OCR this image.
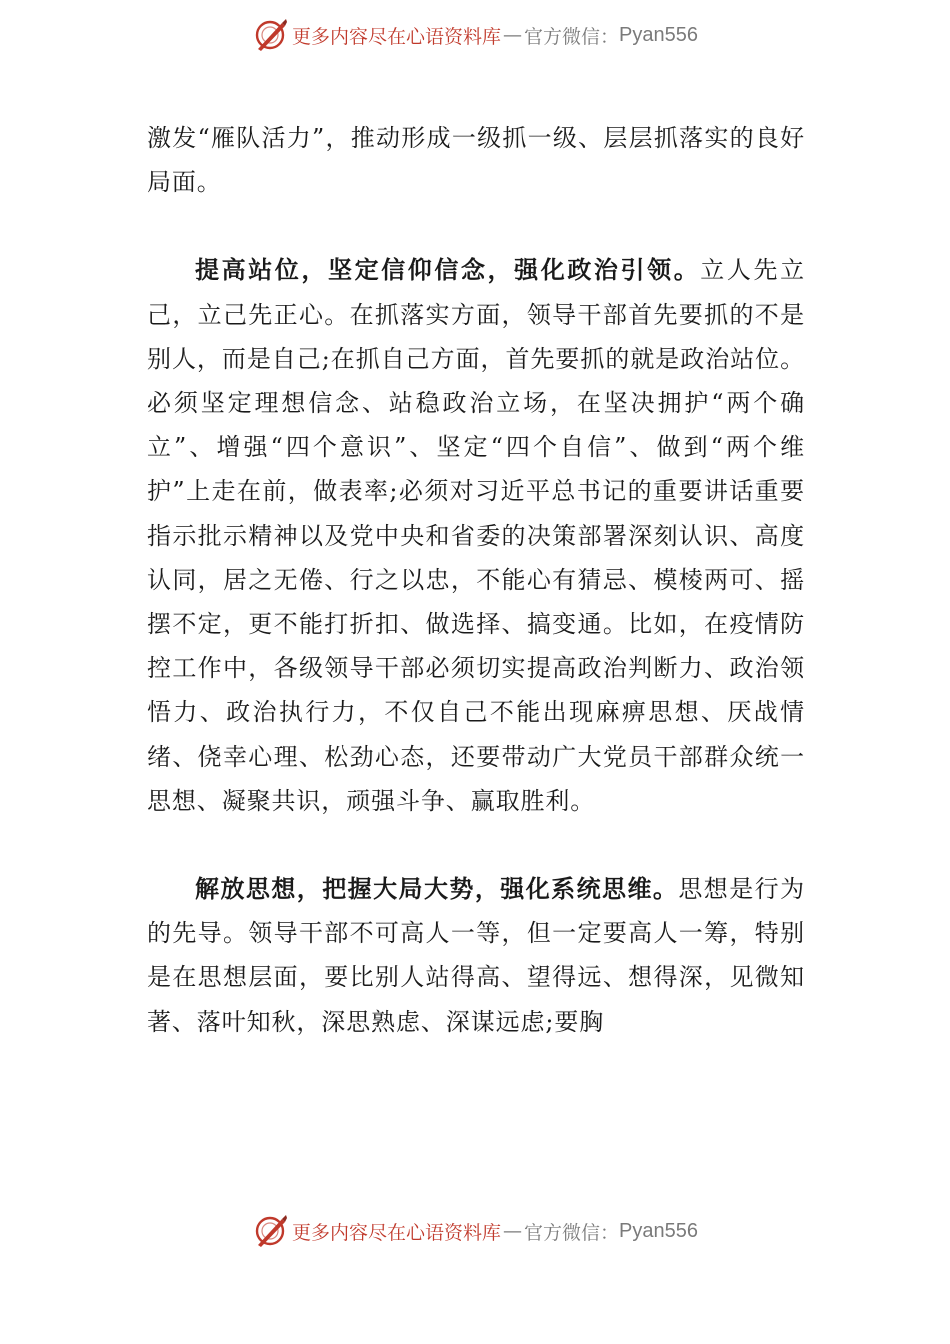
更多内容尽在心语资料库 — 官方微信： Pyan556

激发“雁队活力”，推动形成一级抓一级、层层抓落实的良好局面。

提高站位，坚定信仰信念，强化政治引领。立人先立己，立己先正心。在抓落实方面，领导干部首先要抓的不是别人，而是自己;在抓自己方面，首先要抓的就是政治站位。必须坚定理想信念、站稳政治立场，在坚决拥护“两个确立”、增强“四个意识”、坚定“四个自信”、做到“两个维护”上走在前，做表率;必须对习近平总书记的重要讲话重要指示批示精神以及党中央和省委的决策部署深刻认识、高度认同，居之无倦、行之以忠，不能心有猜忌、模棱两可、摇摆不定，更不能打折扣、做选择、搞变通。比如，在疫情防控工作中，各级领导干部必须切实提高政治判断力、政治领悟力、政治执行力，不仅自己不能出现麻痹思想、厌战情绪、侥幸心理、松劲心态，还要带动广大党员干部群众统一思想、凝聚共识，顽强斗争、赢取胜利。

解放思想，把握大局大势，强化系统思维。思想是行为的先导。领导干部不可高人一等，但一定要高人一筹，特别是在思想层面，要比别人站得高、望得远、想得深，见微知著、落叶知秋，深思熟虑、深谋远虑;要胸

更多内容尽在心语资料库 — 官方微信： Pyan556
